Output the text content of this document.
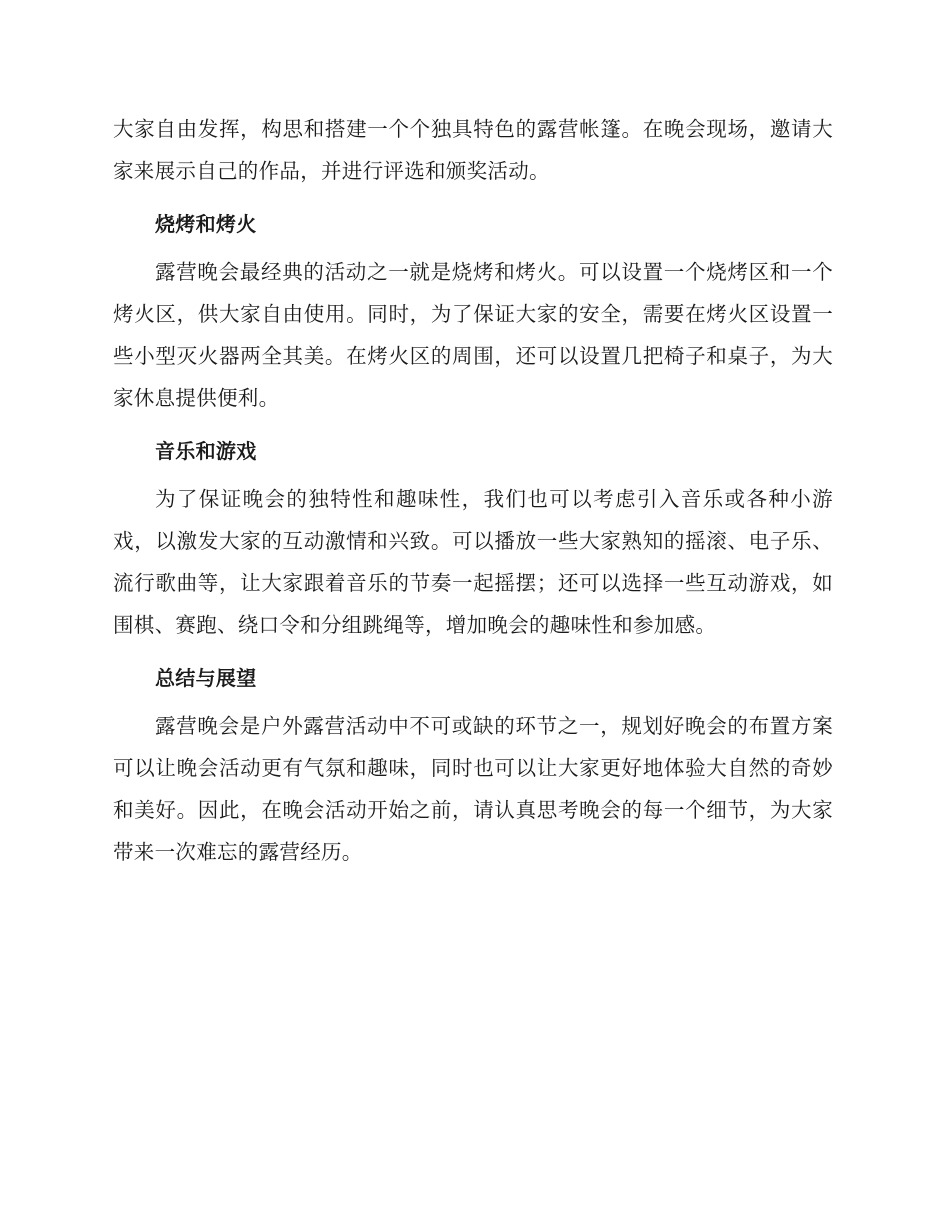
大家自由发挥，构思和搭建一个个独具特色的露营帐篷。在晚会现场，邀请大家来展示自己的作品，并进行评选和颁奖活动。

烧烤和烤火

露营晚会最经典的活动之一就是烧烤和烤火。可以设置一个烧烤区和一个烤火区，供大家自由使用。同时，为了保证大家的安全，需要在烤火区设置一些小型灭火器两全其美。在烤火区的周围，还可以设置几把椅子和桌子，为大家休息提供便利。

音乐和游戏

为了保证晚会的独特性和趣味性，我们也可以考虑引入音乐或各种小游戏，以激发大家的互动激情和兴致。可以播放一些大家熟知的摇滚、电子乐、流行歌曲等，让大家跟着音乐的节奏一起摇摆；还可以选择一些互动游戏，如围棋、赛跑、绕口令和分组跳绳等，增加晚会的趣味性和参加感。

总结与展望

露营晚会是户外露营活动中不可或缺的环节之一，规划好晚会的布置方案可以让晚会活动更有气氛和趣味，同时也可以让大家更好地体验大自然的奇妙和美好。因此，在晚会活动开始之前，请认真思考晚会的每一个细节，为大家带来一次难忘的露营经历。
